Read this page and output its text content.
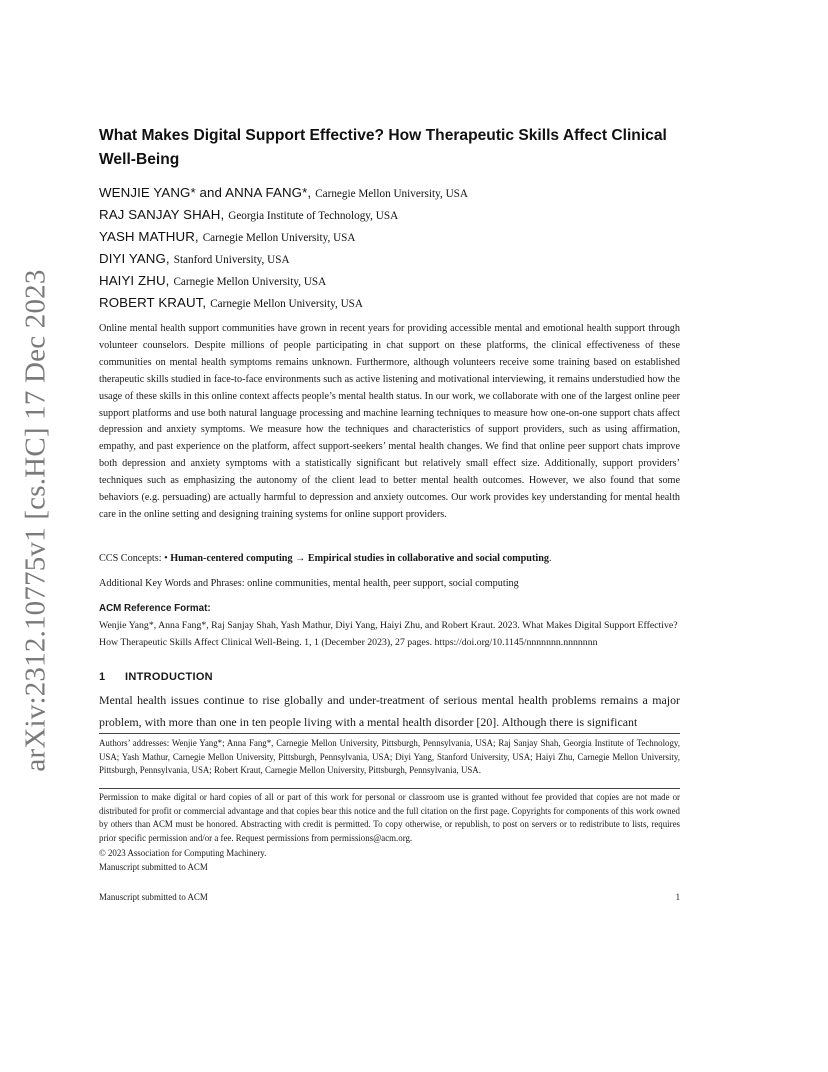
arXiv:2312.10775v1 [cs.HC] 17 Dec 2023
What Makes Digital Support Effective? How Therapeutic Skills Affect Clinical Well-Being
WENJIE YANG* and ANNA FANG*, Carnegie Mellon University, USA
RAJ SANJAY SHAH, Georgia Institute of Technology, USA
YASH MATHUR, Carnegie Mellon University, USA
DIYI YANG, Stanford University, USA
HAIYI ZHU, Carnegie Mellon University, USA
ROBERT KRAUT, Carnegie Mellon University, USA

Online mental health support communities have grown in recent years for providing accessible mental and emotional health support through volunteer counselors. Despite millions of people participating in chat support on these platforms, the clinical effectiveness of these communities on mental health symptoms remains unknown. Furthermore, although volunteers receive some training based on established therapeutic skills studied in face-to-face environments such as active listening and motivational interviewing, it remains understudied how the usage of these skills in this online context affects people’s mental health status. In our work, we collaborate with one of the largest online peer support platforms and use both natural language processing and machine learning techniques to measure how one-on-one support chats affect depression and anxiety symptoms. We measure how the techniques and characteristics of support providers, such as using affirmation, empathy, and past experience on the platform, affect support-seekers’ mental health changes. We find that online peer support chats improve both depression and anxiety symptoms with a statistically significant but relatively small effect size. Additionally, support providers’ techniques such as emphasizing the autonomy of the client lead to better mental health outcomes. However, we also found that some behaviors (e.g. persuading) are actually harmful to depression and anxiety outcomes. Our work provides key understanding for mental health care in the online setting and designing training systems for online support providers.

CCS Concepts: • Human-centered computing → Empirical studies in collaborative and social computing.

Additional Key Words and Phrases: online communities, mental health, peer support, social computing

ACM Reference Format:

Wenjie Yang*, Anna Fang*, Raj Sanjay Shah, Yash Mathur, Diyi Yang, Haiyi Zhu, and Robert Kraut. 2023. What Makes Digital Support Effective? How Therapeutic Skills Affect Clinical Well-Being. 1, 1 (December 2023), 27 pages. https://doi.org/10.1145/nnnnnnn.nnnnnnn

1 INTRODUCTION

Mental health issues continue to rise globally and under-treatment of serious mental health problems remains a major problem, with more than one in ten people living with a mental health disorder [20]. Although there is significant

Authors’ addresses: Wenjie Yang*; Anna Fang*, Carnegie Mellon University, Pittsburgh, Pennsylvania, USA; Raj Sanjay Shah, Georgia Institute of Technology, USA; Yash Mathur, Carnegie Mellon University, Pittsburgh, Pennsylvania, USA; Diyi Yang, Stanford University, USA; Haiyi Zhu, Carnegie Mellon University, Pittsburgh, Pennsylvania, USA; Robert Kraut, Carnegie Mellon University, Pittsburgh, Pennsylvania, USA.

Permission to make digital or hard copies of all or part of this work for personal or classroom use is granted without fee provided that copies are not made or distributed for profit or commercial advantage and that copies bear this notice and the full citation on the first page. Copyrights for components of this work owned by others than ACM must be honored. Abstracting with credit is permitted. To copy otherwise, or republish, to post on servers or to redistribute to lists, requires prior specific permission and/or a fee. Request permissions from permissions@acm.org.

© 2023 Association for Computing Machinery.

Manuscript submitted to ACM

Manuscript submitted to ACM	1
